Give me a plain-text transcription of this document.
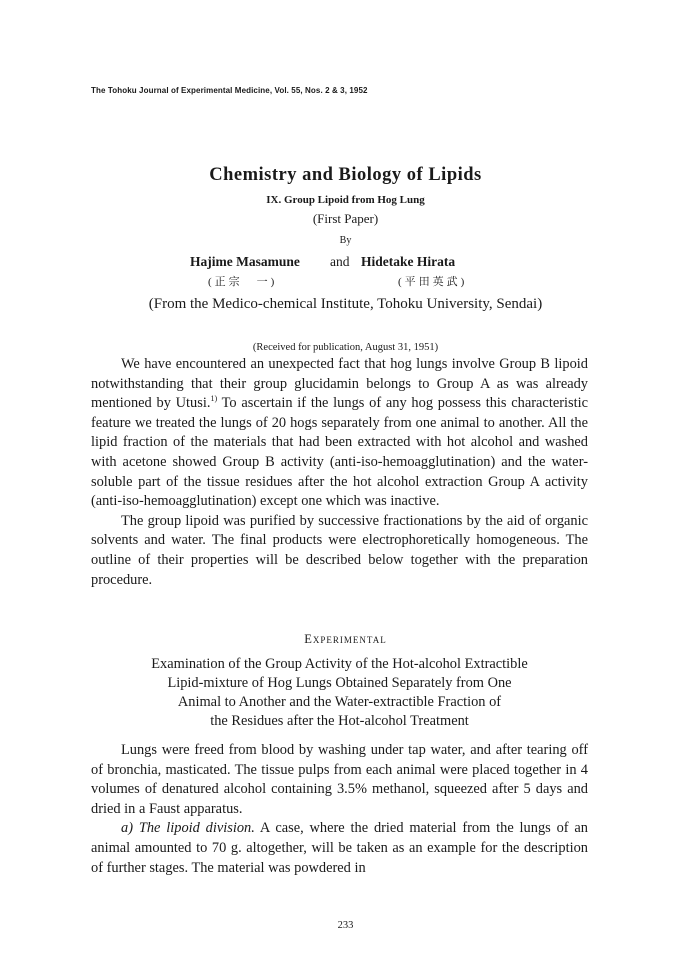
The Tohoku Journal of Experimental Medicine, Vol. 55, Nos. 2 & 3, 1952
Chemistry and Biology of Lipids
IX. Group Lipoid from Hog Lung
(First Paper)
By
Hajime Masamune and Hidetake Hirata
(正宗　一)	(平田英武)
(From the Medico-chemical Institute, Tohoku University, Sendai)
(Received for publication, August 31, 1951)

We have encountered an unexpected fact that hog lungs involve Group B lipoid notwithstanding that their group glucidamin belongs to Group A as was already mentioned by Utusi.$^{1)}$ To ascertain if the lungs of any hog possess this characteristic feature we treated the lungs of 20 hogs separately from one animal to another. All the lipid fraction of the materials that had been extracted with hot alcohol and washed with acetone showed Group B activity (anti-iso-hemoagglutination) and the water-soluble part of the tissue residues after the hot alcohol extraction Group A activity (anti-iso-hemoagglutination) except one which was inactive.

The group lipoid was purified by successive fractionations by the aid of organic solvents and water. The final products were electrophoretically homogeneous. The outline of their properties will be described below together with the preparation procedure.

Experimental
Examination of the Group Activity of the Hot-alcohol Extractible
Lipid-mixture of Hog Lungs Obtained Separately from One
Animal to Another and the Water-extractible Fraction of
the Residues after the Hot-alcohol Treatment

Lungs were freed from blood by washing under tap water, and after tearing off of bronchia, masticated. The tissue pulps from each animal were placed together in 4 volumes of denatured alcohol containing 3.5% methanol, squeezed after 5 days and dried in a Faust apparatus.

a) The lipoid division. A case, where the dried material from the lungs of an animal amounted to 70 g. altogether, will be taken as an example for the description of further stages. The material was powdered in

233
